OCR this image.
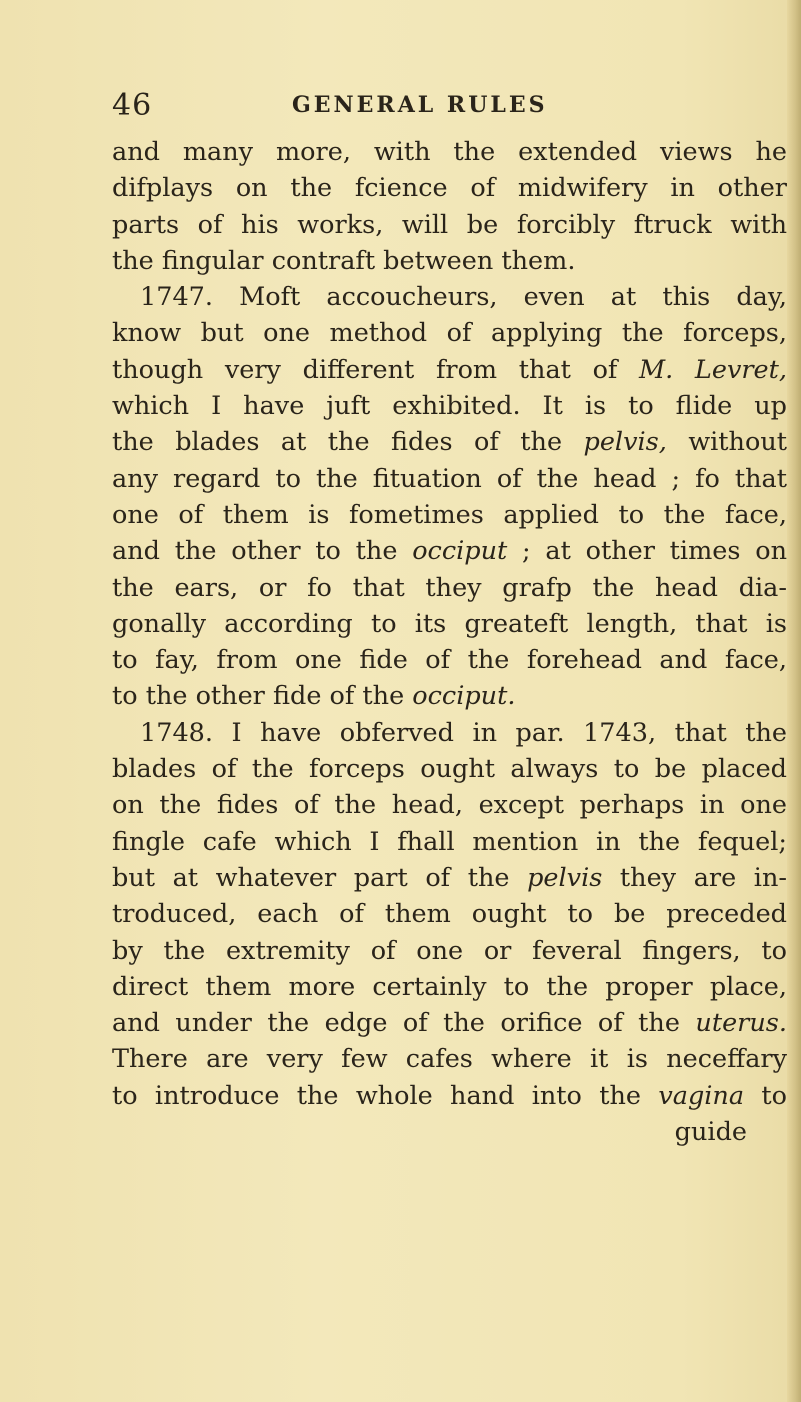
46	GENERAL RULES
and many more, with the extended views he
difplays on the fcience of midwifery in other
parts of his works, will be forcibly ftruck with
the fingular contraft between them.
1747. Moft accoucheurs, even at this day,
know but one method of applying the forceps,
though very different from that of M. Levret,
which I have juft exhibited. It is to flide up
the blades at the fides of the pelvis, without
any regard to the fituation of the head ; fo that
one of them is fometimes applied to the face,
and the other to the occiput ; at other times on
the ears, or fo that they grafp the head dia-
gonally according to its greateft length, that is
to fay, from one fide of the forehead and face,
to the other fide of the occiput.
1748. I have obferved in par. 1743, that the
blades of the forceps ought always to be placed
on the fides of the head, except perhaps in one
fingle cafe which I fhall mention in the fequel;
but at whatever part of the pelvis they are in-
troduced, each of them ought to be preceded
by the extremity of one or feveral fingers, to
direct them more certainly to the proper place,
and under the edge of the orifice of the uterus.
There are very few cafes where it is neceffary
to introduce the whole hand into the vagina to
guide
